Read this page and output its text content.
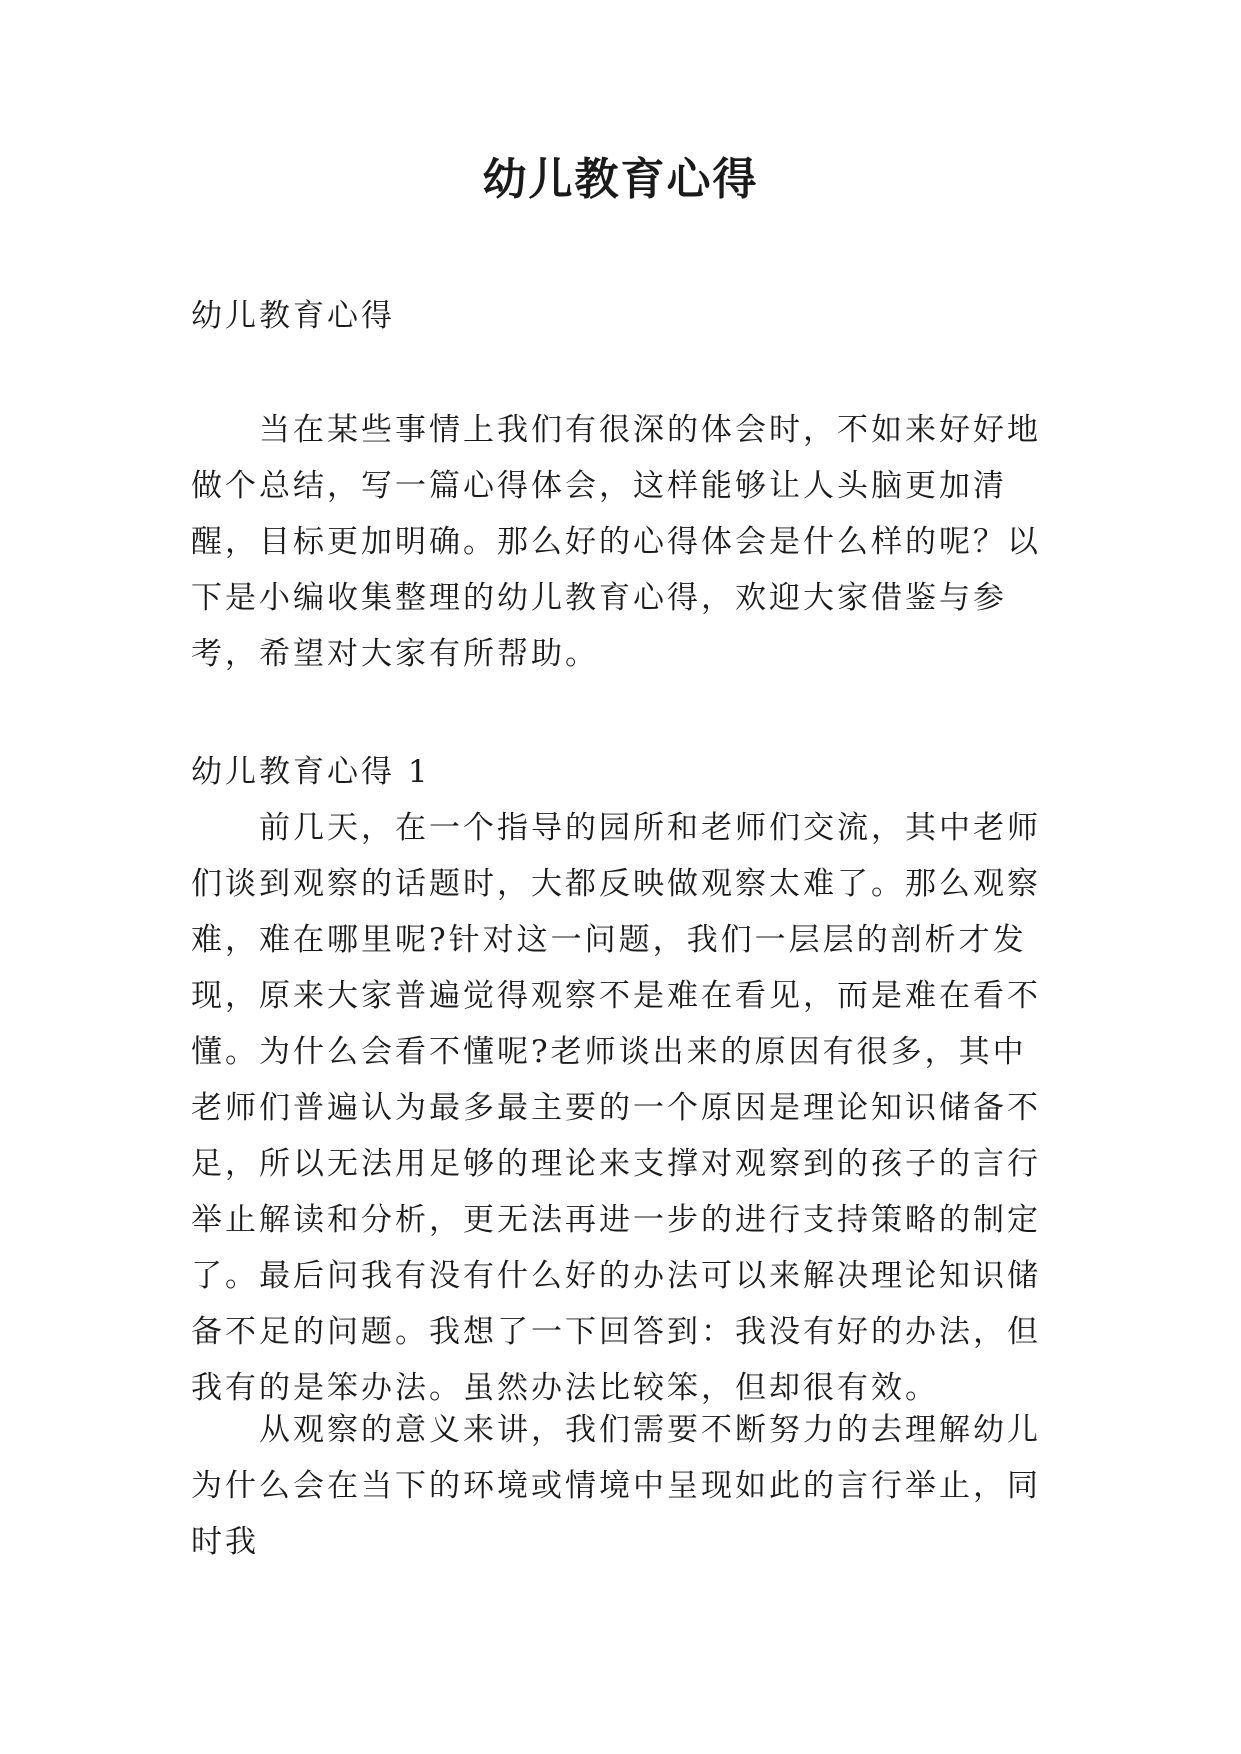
幼儿教育心得

幼儿教育心得

当在某些事情上我们有很深的体会时，不如来好好地做个总结，写一篇心得体会，这样能够让人头脑更加清醒，目标更加明确。那么好的心得体会是什么样的呢？以下是小编收集整理的幼儿教育心得，欢迎大家借鉴与参考，希望对大家有所帮助。

幼儿教育心得 1

前几天，在一个指导的园所和老师们交流，其中老师们谈到观察的话题时，大都反映做观察太难了。那么观察难，难在哪里呢?针对这一问题，我们一层层的剖析才发现，原来大家普遍觉得观察不是难在看见，而是难在看不懂。为什么会看不懂呢?老师谈出来的原因有很多，其中老师们普遍认为最多最主要的一个原因是理论知识储备不足，所以无法用足够的理论来支撑对观察到的孩子的言行举止解读和分析，更无法再进一步的进行支持策略的制定了。最后问我有没有什么好的办法可以来解决理论知识储备不足的问题。我想了一下回答到：我没有好的办法，但我有的是笨办法。虽然办法比较笨，但却很有效。

从观察的意义来讲，我们需要不断努力的去理解幼儿为什么会在当下的环境或情境中呈现如此的言行举止，同时我
